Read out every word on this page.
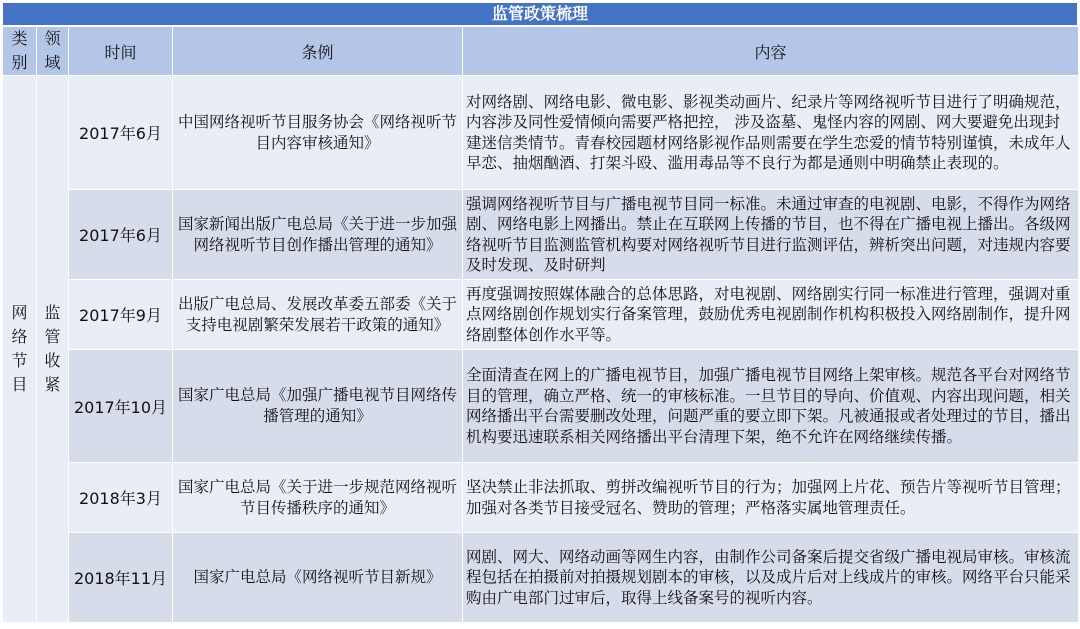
监管政策梳理
类别	领域	时间	条例	内容
网络节目	监管收紧	2017年6月	中国网络视听节目服务协会《网络视听节目内容审核通知》	对网络剧、网络电影、微电影、影视类动画片、纪录片等网络视听节目进行了明确规范，内容涉及同性爱情倾向需要严格把控， 涉及盗墓、鬼怪内容的网剧、网大要避免出现封建迷信类情节。青春校园题材网络影视作品则需要在学生恋爱的情节特别谨慎，未成年人早恋、抽烟酗酒、打架斗殴、滥用毒品等不良行为都是通则中明确禁止表现的。
		2017年6月	国家新闻出版广电总局《关于进一步加强网络视听节目创作播出管理的通知》	强调网络视听节目与广播电视节目同一标准。未通过审查的电视剧、电影，不得作为网络剧、网络电影上网播出。禁止在互联网上传播的节目，也不得在广播电视上播出。各级网络视听节目监测监管机构要对网络视听节目进行监测评估，辨析突出问题，对违规内容要及时发现、及时研判
		2017年9月	出版广电总局、发展改革委五部委《关于支持电视剧繁荣发展若干政策的通知》	再度强调按照媒体融合的总体思路，对电视剧、网络剧实行同一标准进行管理，强调对重点网络剧创作规划实行备案管理，鼓励优秀电视剧制作机构积极投入网络剧制作，提升网络剧整体创作水平等。
		2017年10月	国家广电总局《加强广播电视节目网络传播管理的通知》	全面清查在网上的广播电视节目，加强广播电视节目网络上架审核。规范各平台对网络节目的管理，确立严格、统一的审核标准。一旦节目的导向、价值观、内容出现问题，相关网络播出平台需要删改处理，问题严重的要立即下架。凡被通报或者处理过的节目，播出机构要迅速联系相关网络播出平台清理下架，绝不允许在网络继续传播。
		2018年3月	国家广电总局《关于进一步规范网络视听节目传播秩序的通知》	坚决禁止非法抓取、剪拼改编视听节目的行为；加强网上片花、预告片等视听节目管理；加强对各类节目接受冠名、赞助的管理；严格落实属地管理责任。
		2018年11月	国家广电总局《网络视听节目新规》	网剧、网大、网络动画等网生内容，由制作公司备案后提交省级广播电视局审核。审核流程包括在拍摄前对拍摄规划剧本的审核，以及成片后对上线成片的审核。网络平台只能采购由广电部门过审后，取得上线备案号的视听内容。
